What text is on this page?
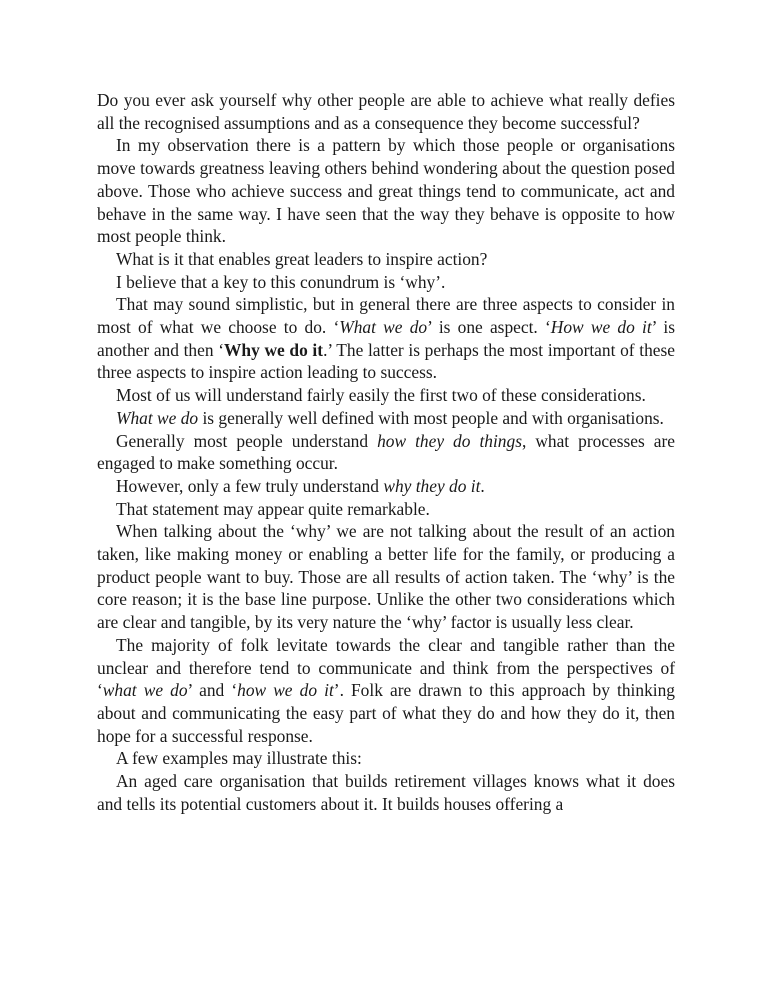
Do you ever ask yourself why other people are able to achieve what really defies all the recognised assumptions and as a consequence they become successful?

In my observation there is a pattern by which those people or organisations move towards greatness leaving others behind wondering about the question posed above. Those who achieve success and great things tend to communicate, act and behave in the same way. I have seen that the way they behave is opposite to how most people think.

What is it that enables great leaders to inspire action?

I believe that a key to this conundrum is ‘why’.

That may sound simplistic, but in general there are three aspects to consider in most of what we choose to do. ‘What we do’ is one aspect. ‘How we do it’ is another and then ‘Why we do it.’ The latter is perhaps the most important of these three aspects to inspire action leading to success.

Most of us will understand fairly easily the first two of these considerations.

What we do is generally well defined with most people and with organisations.

Generally most people understand how they do things, what processes are engaged to make something occur.

However, only a few truly understand why they do it.

That statement may appear quite remarkable.

When talking about the ‘why’ we are not talking about the result of an action taken, like making money or enabling a better life for the family, or producing a product people want to buy. Those are all results of action taken. The ‘why’ is the core reason; it is the base line purpose. Unlike the other two considerations which are clear and tangible, by its very nature the ‘why’ factor is usually less clear.

The majority of folk levitate towards the clear and tangible rather than the unclear and therefore tend to communicate and think from the perspectives of ‘what we do’ and ‘how we do it’. Folk are drawn to this approach by thinking about and communicating the easy part of what they do and how they do it, then hope for a successful response.

A few examples may illustrate this:

An aged care organisation that builds retirement villages knows what it does and tells its potential customers about it. It builds houses offering a
